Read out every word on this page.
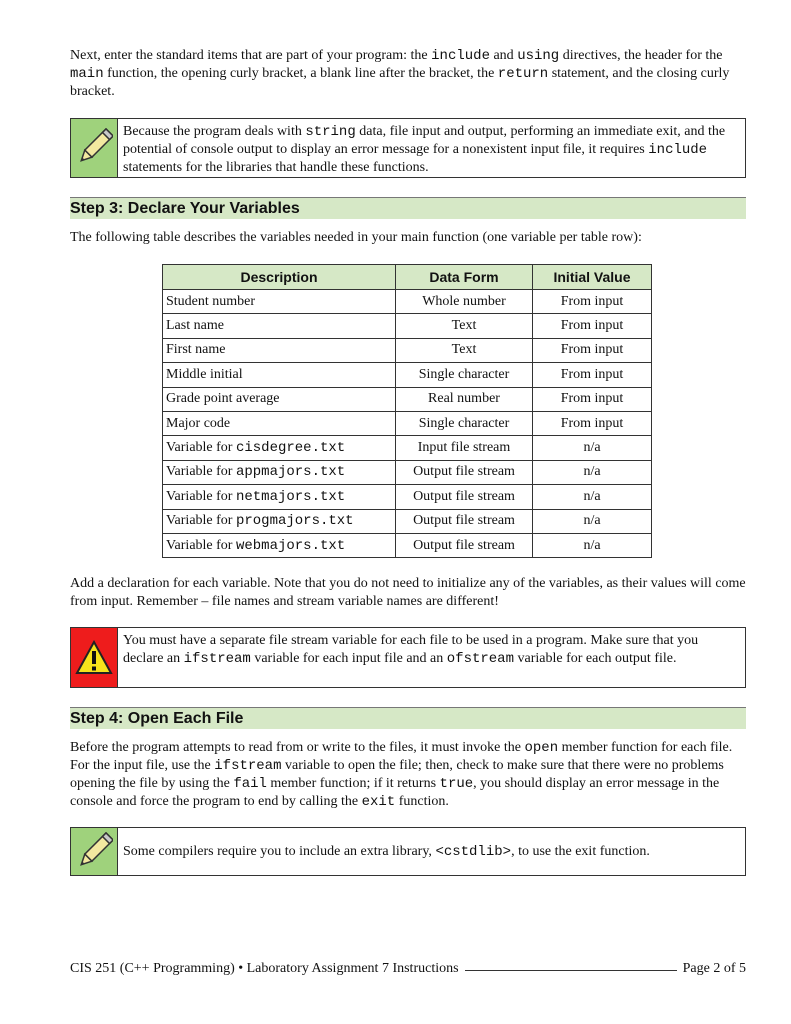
Next, enter the standard items that are part of your program: the include and using directives, the header for the main function, the opening curly bracket, a blank line after the bracket, the return statement, and the closing curly bracket.
Because the program deals with string data, file input and output, performing an immediate exit, and the potential of console output to display an error message for a nonexistent input file, it requires include statements for the libraries that handle these functions.
Step 3: Declare Your Variables
The following table describes the variables needed in your main function (one variable per table row):
Description	Data Form	Initial Value
Student number	Whole number	From input
Last name	Text	From input
First name	Text	From input
Middle initial	Single character	From input
Grade point average	Real number	From input
Major code	Single character	From input
Variable for cisdegree.txt	Input file stream	n/a
Variable for appmajors.txt	Output file stream	n/a
Variable for netmajors.txt	Output file stream	n/a
Variable for progmajors.txt	Output file stream	n/a
Variable for webmajors.txt	Output file stream	n/a
Add a declaration for each variable. Note that you do not need to initialize any of the variables, as their values will come from input. Remember – file names and stream variable names are different!
You must have a separate file stream variable for each file to be used in a program. Make sure that you declare an ifstream variable for each input file and an ofstream variable for each output file.
Step 4: Open Each File
Before the program attempts to read from or write to the files, it must invoke the open member function for each file. For the input file, use the ifstream variable to open the file; then, check to make sure that there were no problems opening the file by using the fail member function; if it returns true, you should display an error message in the console and force the program to end by calling the exit function.
Some compilers require you to include an extra library, <cstdlib>, to use the exit function.
CIS 251 (C++ Programming) • Laboratory Assignment 7 Instructions	Page 2 of 5
